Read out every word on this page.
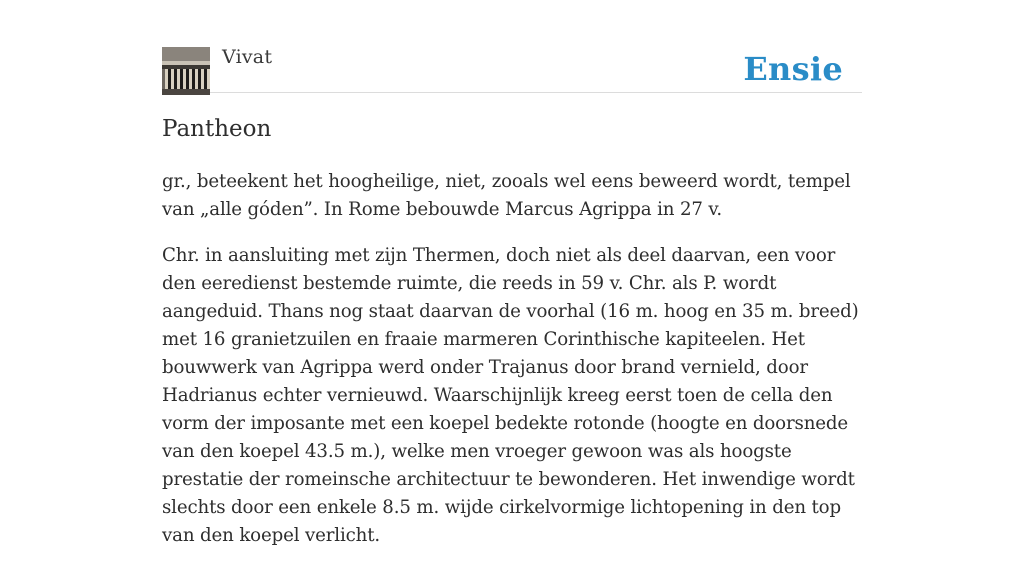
Vivat	Ensie
Pantheon

gr., beteekent het hoogheilige, niet, zooals wel eens beweerd wordt, tempel van „alle góden”. In Rome bebouwde Marcus Agrippa in 27 v.

Chr. in aansluiting met zijn Thermen, doch niet als deel daarvan, een voor den eeredienst bestemde ruimte, die reeds in 59 v. Chr. als P. wordt aangeduid. Thans nog staat daarvan de voorhal (16 m. hoog en 35 m. breed) met 16 granietzuilen en fraaie marmeren Corinthische kapiteelen. Het bouwwerk van Agrippa werd onder Trajanus door brand vernield, door Hadrianus echter vernieuwd. Waarschijnlijk kreeg eerst toen de cella den vorm der imposante met een koepel bedekte rotonde (hoogte en doorsnede van den koepel 43.5 m.), welke men vroeger gewoon was als hoogste prestatie der romeinsche architectuur te bewonderen. Het inwendige wordt slechts door een enkele 8.5 m. wijde cirkelvormige lichtopening in den top van den koepel verlicht.
